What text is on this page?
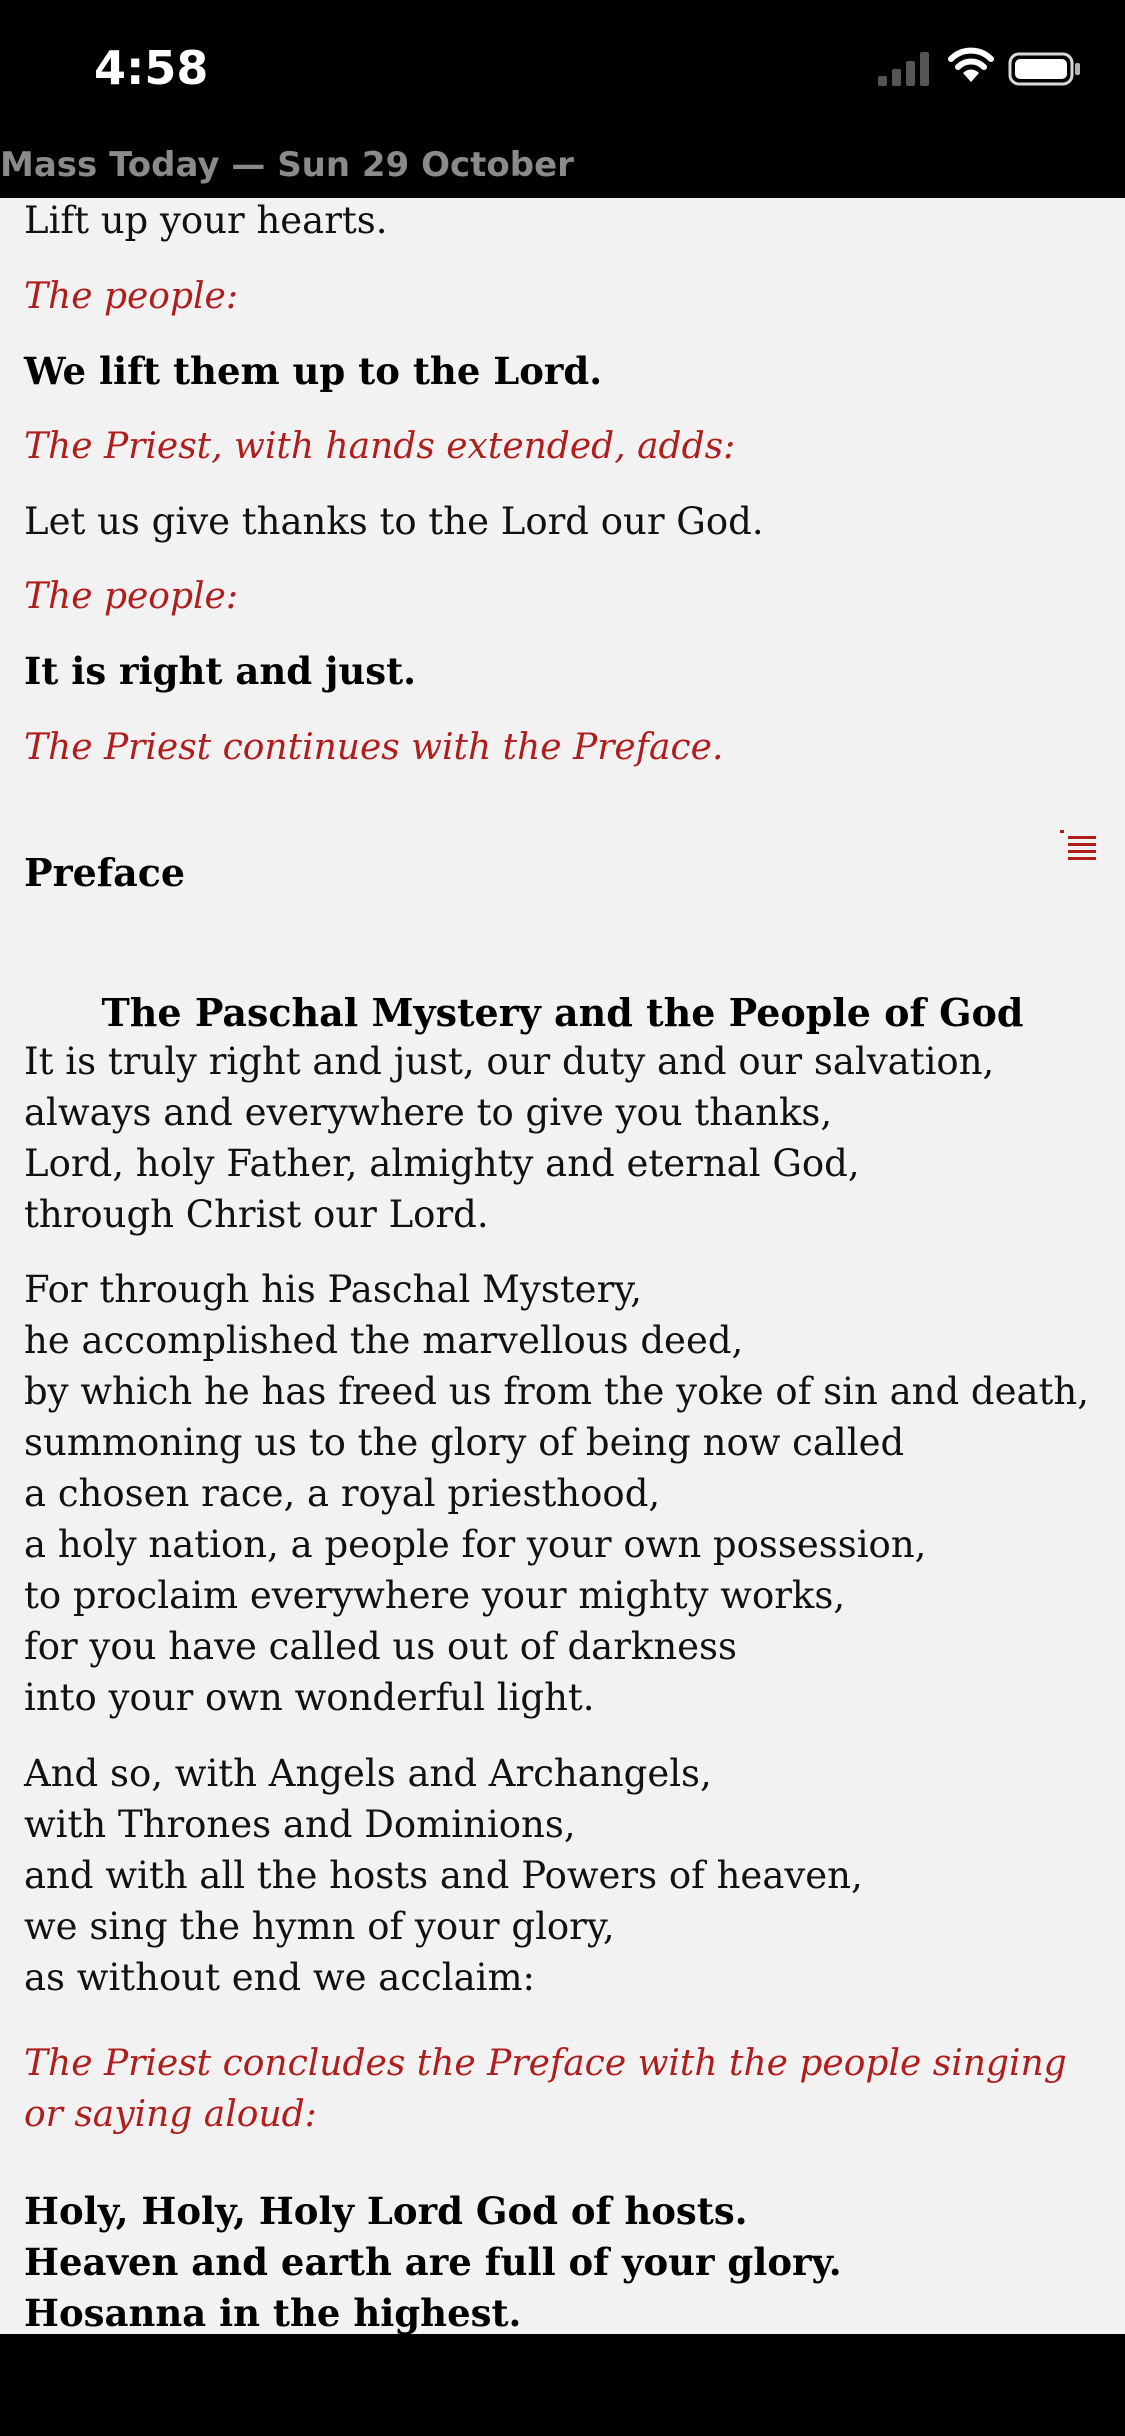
4:58
Mass Today — Sun 29 October

Lift up your hearts.

The people:

We lift them up to the Lord.

The Priest, with hands extended, adds:

Let us give thanks to the Lord our God.

The people:

It is right and just.

The Priest continues with the Preface.

Preface

The Paschal Mystery and the People of God

It is truly right and just, our duty and our salvation,
always and everywhere to give you thanks,
Lord, holy Father, almighty and eternal God,
through Christ our Lord.
For through his Paschal Mystery,
he accomplished the marvellous deed,
by which he has freed us from the yoke of sin and death,
summoning us to the glory of being now called
a chosen race, a royal priesthood,
a holy nation, a people for your own possession,
to proclaim everywhere your mighty works,
for you have called us out of darkness
into your own wonderful light.
And so, with Angels and Archangels,
with Thrones and Dominions,
and with all the hosts and Powers of heaven,
we sing the hymn of your glory,
as without end we acclaim:

The Priest concludes the Preface with the people singing or saying aloud:

Holy, Holy, Holy Lord God of hosts.
Heaven and earth are full of your glory.
Hosanna in the highest.
